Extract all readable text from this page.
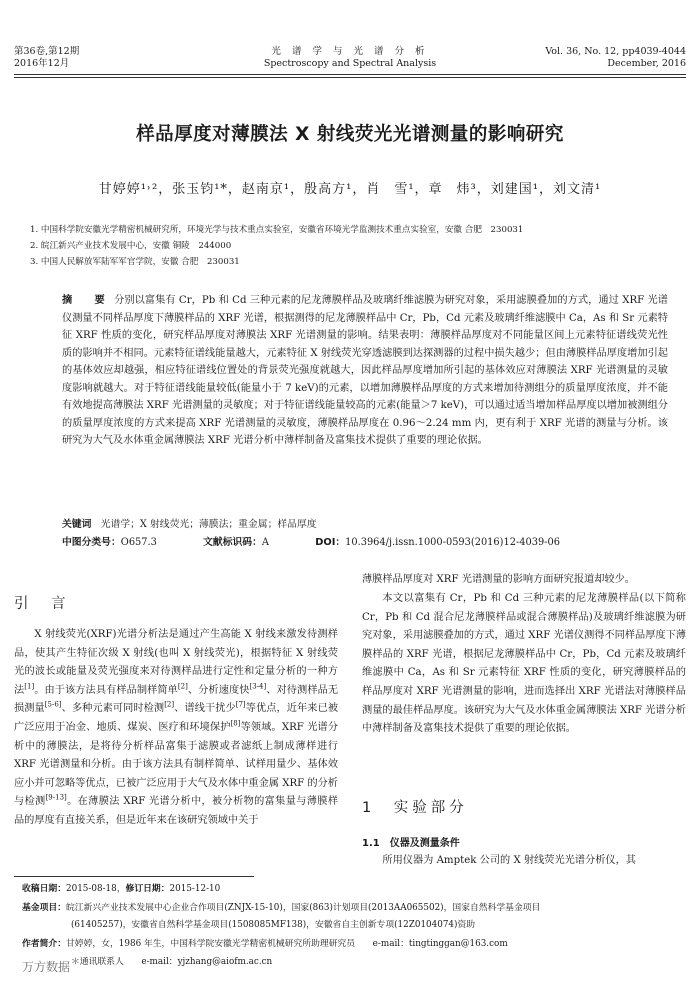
第36卷,第12期
2016年12月
光 谱 学 与 光 谱 分 析
Spectroscopy and Spectral Analysis
Vol. 36, No. 12, pp4039-4044
December, 2016
样品厚度对薄膜法 X 射线荧光光谱测量的影响研究
甘婷婷¹˒²，张玉钧¹*，赵南京¹，殷高方¹，肖　雪¹，章　炜³，刘建国¹，刘文清¹
1. 中国科学院安徽光学精密机械研究所，环境光学与技术重点实验室，安徽省环境光学监测技术重点实验室，安徽 合肥　230031
2. 皖江新兴产业技术发展中心，安徽 铜陵　244000
3. 中国人民解放军陆军军官学院，安徽 合肥　230031
摘　要 分别以富集有 Cr，Pb 和 Cd 三种元素的尼龙薄膜样品及玻璃纤维滤膜为研究对象，采用滤膜叠加的方式，通过 XRF 光谱仪测量不同样品厚度下薄膜样品的 XRF 光谱，根据测得的尼龙薄膜样品中 Cr，Pb，Cd 元素及玻璃纤维滤膜中 Ca，As 和 Sr 元素特征 XRF 性质的变化，研究样品厚度对薄膜法 XRF 光谱测量的影响。结果表明：薄膜样品厚度对不同能量区间上元素特征谱线荧光性质的影响并不相同。元素特征谱线能量越大，元素特征 X 射线荧光穿透滤膜到达探测器的过程中损失越少；但由薄膜样品厚度增加引起的基体效应却越强，相应特征谱线位置处的背景荧光强度就越大，因此样品厚度增加所引起的基体效应对薄膜法 XRF 光谱测量的灵敏度影响就越大。对于特征谱线能量较低(能量小于 7 keV)的元素，以增加薄膜样品厚度的方式来增加待测组分的质量厚度浓度，并不能有效地提高薄膜法 XRF 光谱测量的灵敏度；对于特征谱线能量较高的元素(能量＞7 keV)，可以通过适当增加样品厚度以增加被测组分的质量厚度浓度的方式来提高 XRF 光谱测量的灵敏度，薄膜样品厚度在 0.96～2.24 mm 内，更有利于 XRF 光谱的测量与分析。该研究为大气及水体重金属薄膜法 XRF 光谱分析中薄样制备及富集技术提供了重要的理论依据。
关键词 光谱学；X 射线荧光；薄膜法；重金属；样品厚度
中图分类号：O657.3	文献标识码：A	DOI：10.3964/j.issn.1000-0593(2016)12-4039-06
引　言
X 射线荧光(XRF)光谱分析法是通过产生高能 X 射线来激发待测样品，使其产生特征次级 X 射线(也叫 X 射线荧光)，根据特征 X 射线荧光的波长或能量及荧光强度来对待测样品进行定性和定量分析的一种方法[1]。由于该方法具有样品制样简单[2]、分析速度快[3-4]、对待测样品无损测量[5-6]、多种元素可同时检测[2]、谱线干扰少[7]等优点，近年来已被广泛应用于冶金、地质、煤炭、医疗和环境保护[8]等领域。XRF 光谱分析中的薄膜法，是将待分析样品富集于滤膜或者滤纸上制成薄样进行 XRF 光谱测量和分析。由于该方法具有制样简单、试样用量少、基体效应小并可忽略等优点，已被广泛应用于大气及水体中重金属 XRF 的分析与检测[9-13]。在薄膜法 XRF 光谱分析中，被分析物的富集量与薄膜样品的厚度有直接关系，但是近年来在该研究领域中关于
薄膜样品厚度对 XRF 光谱测量的影响方面研究报道却较少。
本文以富集有 Cr，Pb 和 Cd 三种元素的尼龙薄膜样品(以下简称 Cr，Pb 和 Cd 混合尼龙薄膜样品或混合薄膜样品)及玻璃纤维滤膜为研究对象，采用滤膜叠加的方式，通过 XRF 光谱仪测得不同样品厚度下薄膜样品的 XRF 光谱，根据尼龙薄膜样品中 Cr，Pb，Cd 元素及玻璃纤维滤膜中 Ca，As 和 Sr 元素特征 XRF 性质的变化，研究薄膜样品的样品厚度对 XRF 光谱测量的影响，进而选择出 XRF 光谱法对薄膜样品测量的最佳样品厚度。该研究为大气及水体重金属薄膜法 XRF 光谱分析中薄样制备及富集技术提供了重要的理论依据。
1　实验部分
1.1　仪器及测量条件
所用仪器为 Amptek 公司的 X 射线荧光光谱分析仪，其
收稿日期：2015-08-18，修订日期：2015-12-10
基金项目：皖江新兴产业技术发展中心企业合作项目(ZNJX-15-10)，国家(863)计划项目(2013AA065502)，国家自然科学基金项目
(61405257)，安徽省自然科学基金项目(1508085MF138)，安徽省自主创新专项(12Z0104074)资助
作者简介：甘婷婷，女，1986 年生，中国科学院安徽光学精密机械研究所助理研究员　　e-mail：tingtinggan@163.com
＊通讯联系人　　e-mail：yjzhang@aiofm.ac.cn
万方数据
